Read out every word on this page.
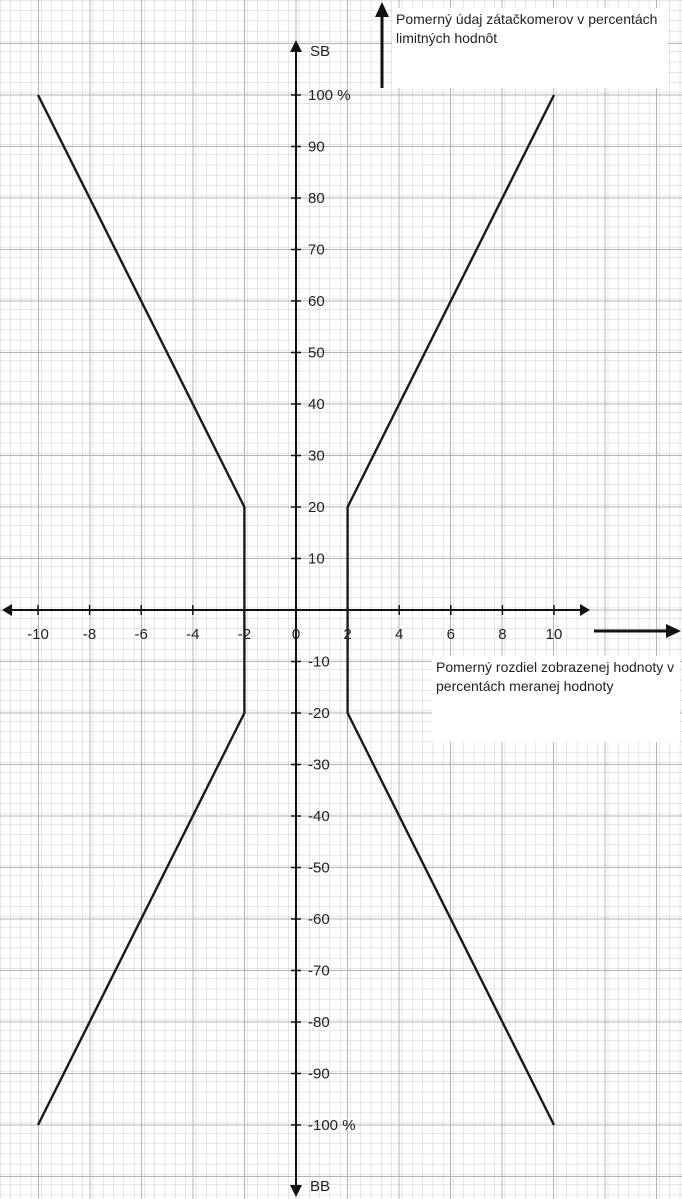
-10 -8	-6	-4	-2	0	2	4	6	8	10
100 %
90
80
70
60
50
40
30
20
10
-10
-20
-30
-40
-50
-60
-70
-80
-90
-100 %
SB
BB
Pomerný údaj zátačkomerov v percentách limitných hodnôt
Pomerný rozdiel zobrazenej hodnoty v percentách meranej hodnoty
